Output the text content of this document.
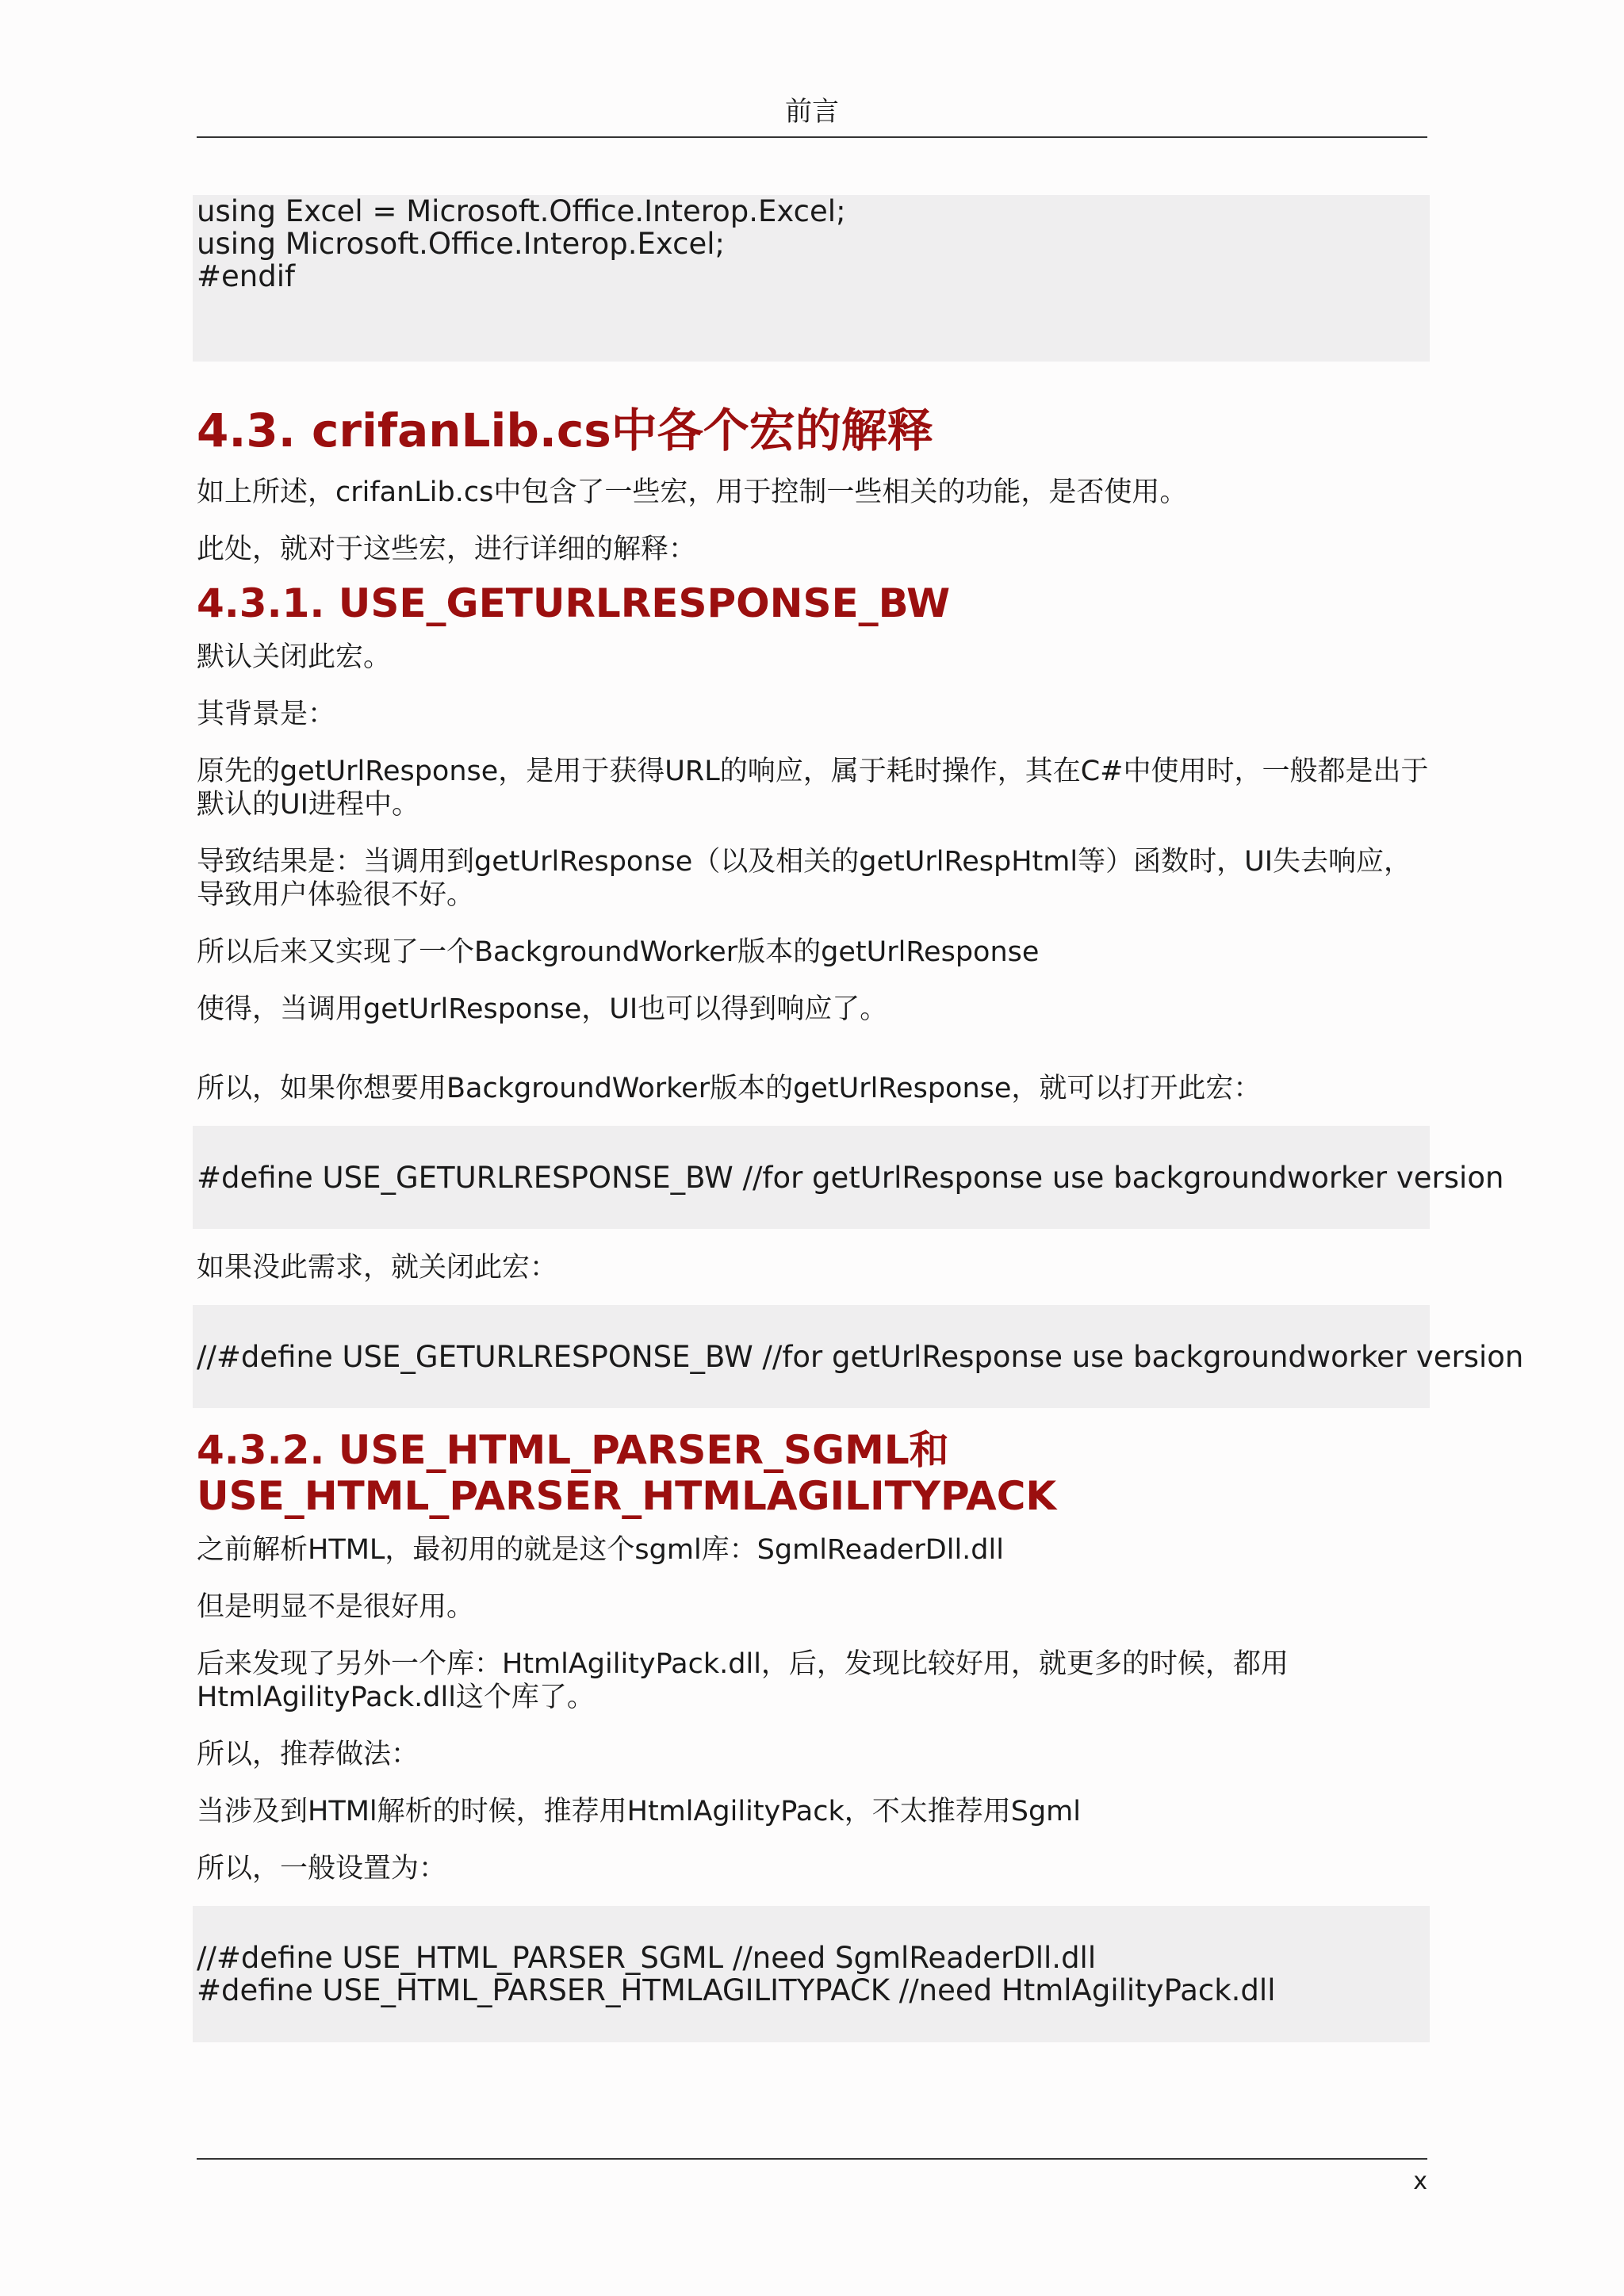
前言
using Excel = Microsoft.Office.Interop.Excel;
using Microsoft.Office.Interop.Excel;
#endif
4.3. crifanLib.cs中各个宏的解释

如上所述，crifanLib.cs中包含了一些宏，用于控制一些相关的功能，是否使用。

此处，就对于这些宏，进行详细的解释：

4.3.1. USE_GETURLRESPONSE_BW

默认关闭此宏。

其背景是：

原先的getUrlResponse，是用于获得URL的响应，属于耗时操作，其在C#中使用时，一般都是出于默认的UI进程中。

导致结果是：当调用到getUrlResponse（以及相关的getUrlRespHtml等）函数时，UI失去响应，导致用户体验很不好。

所以后来又实现了一个BackgroundWorker版本的getUrlResponse

使得，当调用getUrlResponse，UI也可以得到响应了。

所以，如果你想要用BackgroundWorker版本的getUrlResponse，就可以打开此宏：

#define USE_GETURLRESPONSE_BW //for getUrlResponse use backgroundworker version

如果没此需求，就关闭此宏：

//#define USE_GETURLRESPONSE_BW //for getUrlResponse use backgroundworker version
4.3.2. USE_HTML_PARSER_SGML和USE_HTML_PARSER_HTMLAGILITYPACK

之前解析HTML，最初用的就是这个sgml库：SgmlReaderDll.dll

但是明显不是很好用。

后来发现了另外一个库：HtmlAgilityPack.dll，后，发现比较好用，就更多的时候，都用HtmlAgilityPack.dll这个库了。

所以，推荐做法：

当涉及到HTMl解析的时候，推荐用HtmlAgilityPack，不太推荐用Sgml

所以，一般设置为：

//#define USE_HTML_PARSER_SGML //need SgmlReaderDll.dll
#define USE_HTML_PARSER_HTMLAGILITYPACK //need HtmlAgilityPack.dll
x
